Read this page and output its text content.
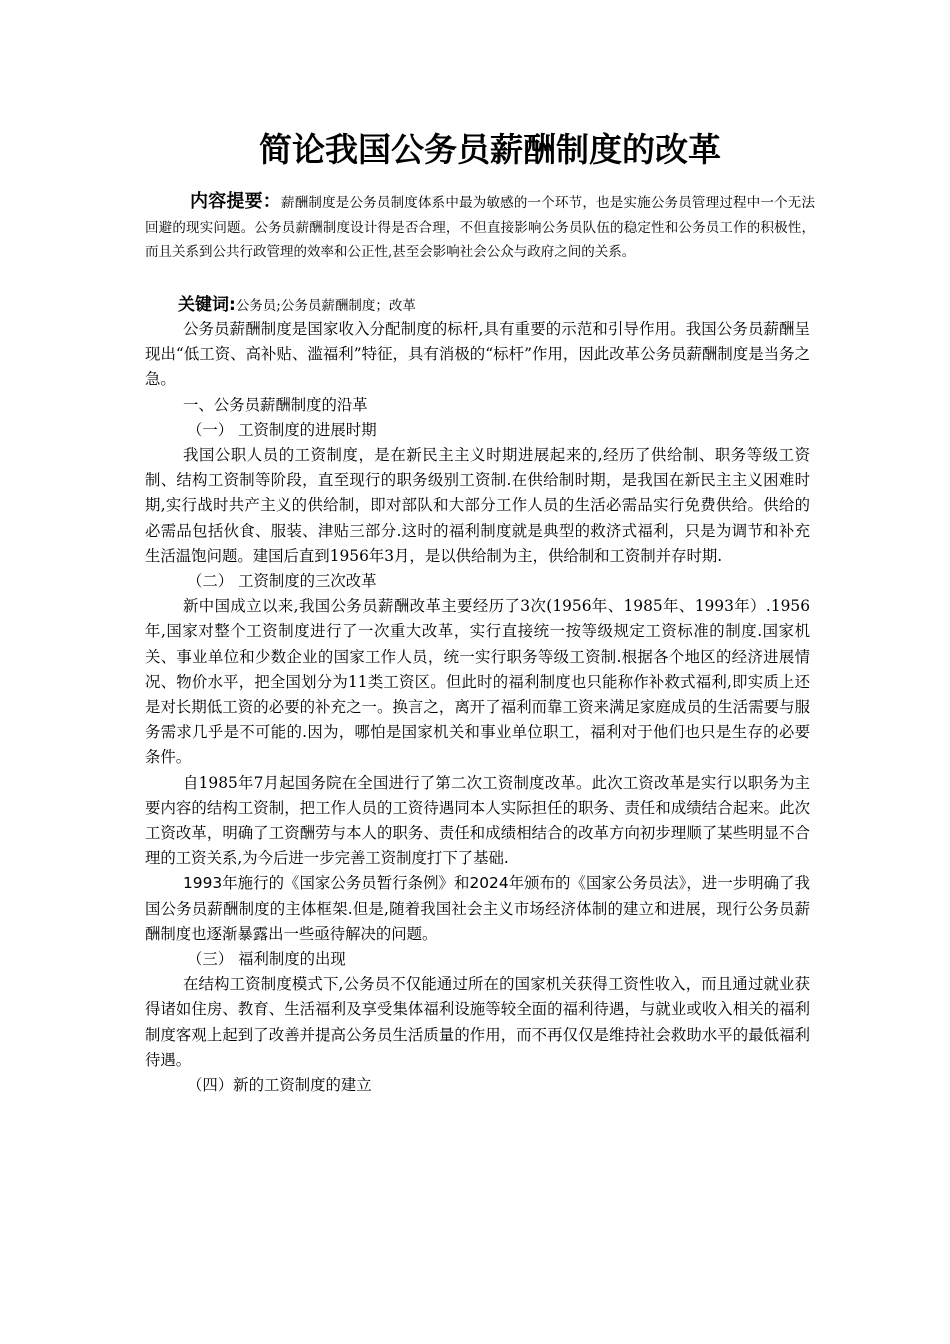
简论我国公务员薪酬制度的改革
内容提要：薪酬制度是公务员制度体系中最为敏感的一个环节，也是实施公务员管理过程中一个无法回避的现实问题。公务员薪酬制度设计得是否合理，不但直接影响公务员队伍的稳定性和公务员工作的积极性，而且关系到公共行政管理的效率和公正性,甚至会影响社会公众与政府之间的关系。
关键词:公务员;公务员薪酬制度；改革

公务员薪酬制度是国家收入分配制度的标杆,具有重要的示范和引导作用。我国公务员薪酬呈现出“低工资、高补贴、滥福利”特征，具有消极的“标杆”作用，因此改革公务员薪酬制度是当务之急。

一、公务员薪酬制度的沿革

（一） 工资制度的进展时期

我国公职人员的工资制度，是在新民主主义时期进展起来的,经历了供给制、职务等级工资制、结构工资制等阶段，直至现行的职务级别工资制.在供给制时期，是我国在新民主主义困难时期,实行战时共产主义的供给制，即对部队和大部分工作人员的生活必需品实行免费供给。供给的必需品包括伙食、服装、津贴三部分.这时的福利制度就是典型的救济式福利，只是为调节和补充生活温饱问题。建国后直到1956年3月，是以供给制为主，供给制和工资制并存时期.

（二） 工资制度的三次改革

新中国成立以来,我国公务员薪酬改革主要经历了3次(1956年、1985年、1993年）.1956年,国家对整个工资制度进行了一次重大改革，实行直接统一按等级规定工资标准的制度.国家机关、事业单位和少数企业的国家工作人员，统一实行职务等级工资制.根据各个地区的经济进展情况、物价水平，把全国划分为11类工资区。但此时的福利制度也只能称作补救式福利,即实质上还是对长期低工资的必要的补充之一。换言之，离开了福利而靠工资来满足家庭成员的生活需要与服务需求几乎是不可能的.因为，哪怕是国家机关和事业单位职工，福利对于他们也只是生存的必要条件。

自1985年7月起国务院在全国进行了第二次工资制度改革。此次工资改革是实行以职务为主要内容的结构工资制，把工作人员的工资待遇同本人实际担任的职务、责任和成绩结合起来。此次工资改革，明确了工资酬劳与本人的职务、责任和成绩相结合的改革方向初步理顺了某些明显不合理的工资关系,为今后进一步完善工资制度打下了基础.

1993年施行的《国家公务员暂行条例》和2024年颁布的《国家公务员法》，进一步明确了我国公务员薪酬制度的主体框架.但是,随着我国社会主义市场经济体制的建立和进展，现行公务员薪酬制度也逐渐暴露出一些亟待解决的问题。

（三） 福利制度的出现

在结构工资制度模式下,公务员不仅能通过所在的国家机关获得工资性收入，而且通过就业获得诸如住房、教育、生活福利及享受集体福利设施等较全面的福利待遇，与就业或收入相关的福利制度客观上起到了改善并提高公务员生活质量的作用，而不再仅仅是维持社会救助水平的最低福利待遇。

（四）新的工资制度的建立
